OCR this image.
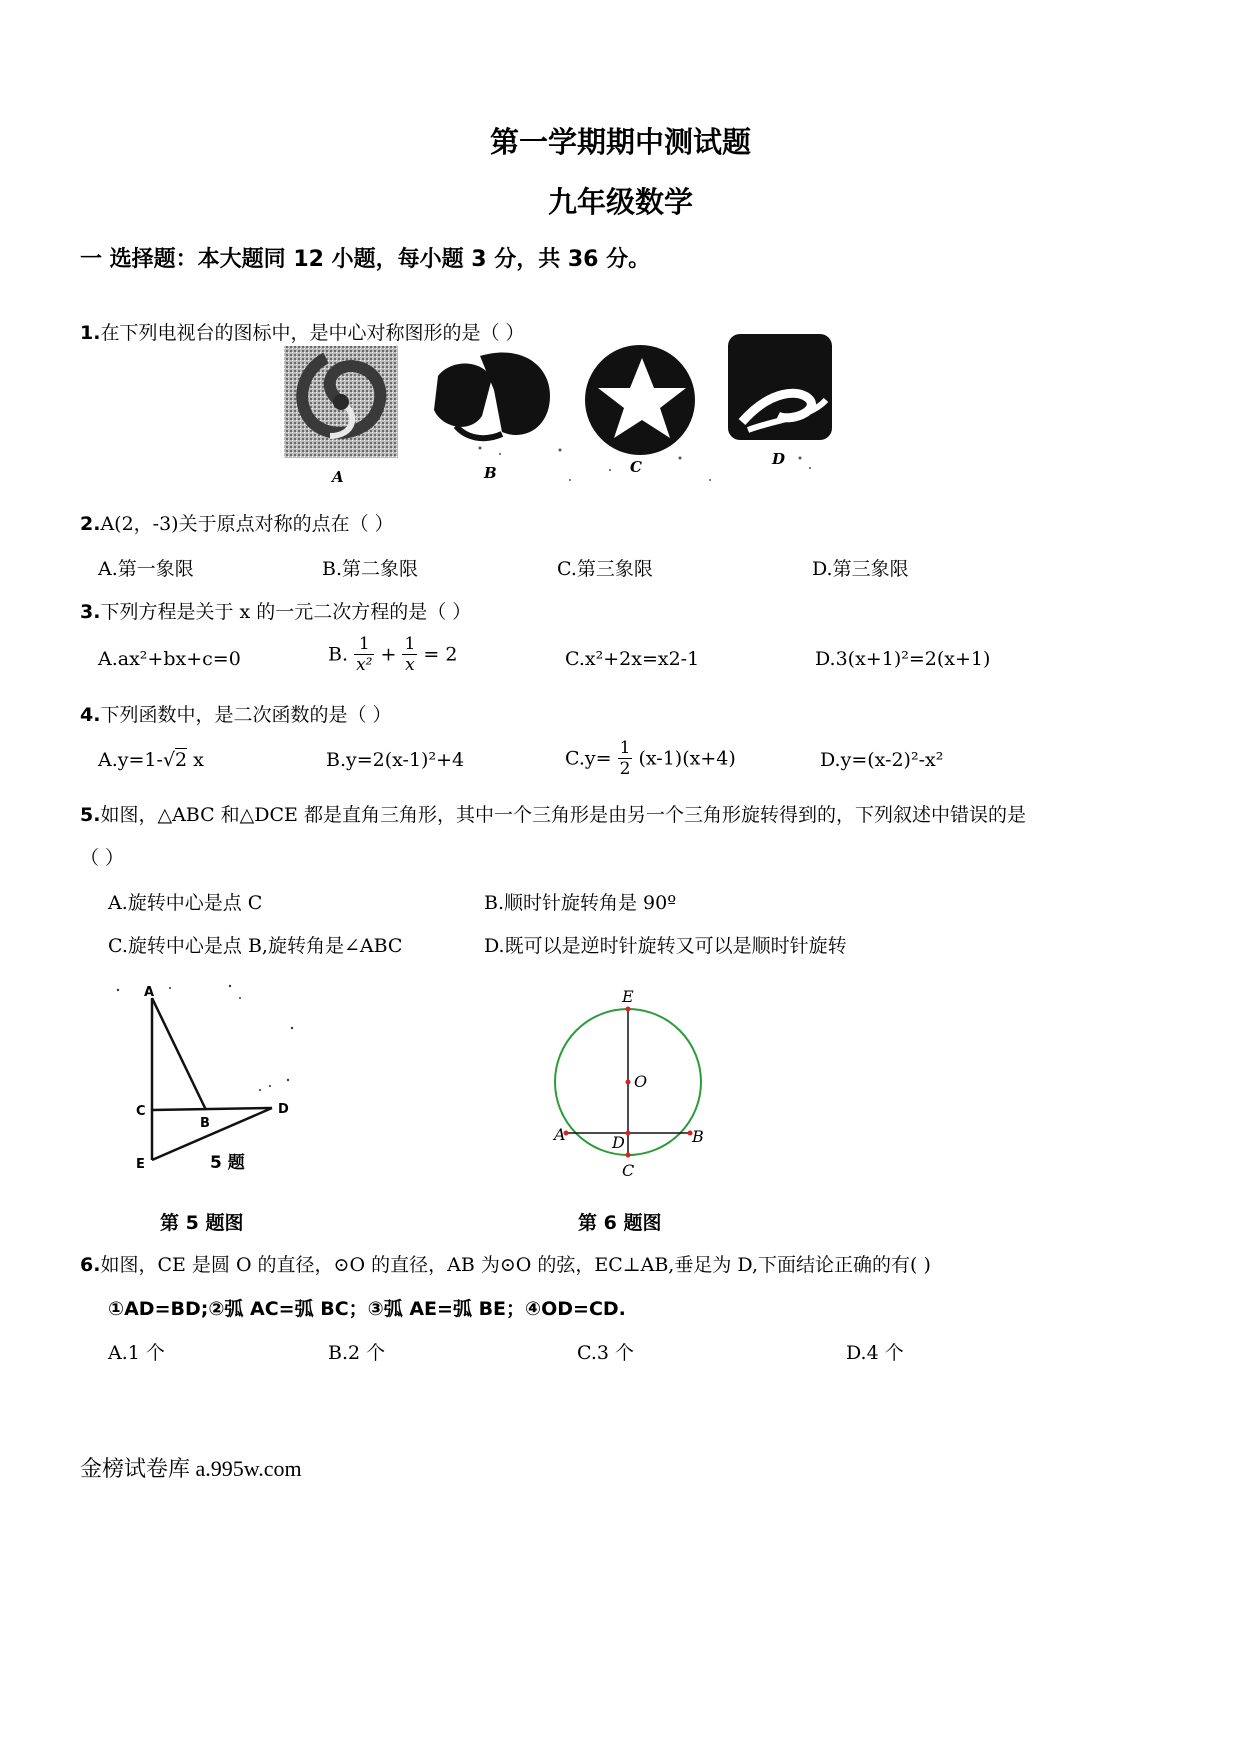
第一学期期中测试题
九年级数学
一 选择题：本大题同 12 小题，每小题 3 分，共 36 分。
1.在下列电视台的图标中，是中心对称图形的是（ ）
A	B	C	D
2.A(2，-3)关于原点对称的点在（ ）
A.第一象限	B.第二象限	C.第三象限	D.第三象限
3.下列方程是关于 x 的一元二次方程的是（ ）
A.ax²+bx+c=0	B. $\frac{1}{\text{x²}} + \frac{1}{x} = 2$	C.x²+2x=x2-1	D.3(x+1)²=2(x+1)
4.下列函数中，是二次函数的是（ ）
A.y=1-√2 x	B.y=2(x-1)²+4	$C.y= \frac{1}{2} (x-1)(x+4)$	D.y=(x-2)²-x²
5.如图，△ABC 和△DCE 都是直角三角形，其中一个三角形是由另一个三角形旋转得到的，下列叙述中错误的是
（ ）
A.旋转中心是点 C	B.顺时针旋转角是 90º
C.旋转中心是点 B,旋转角是∠ABC	D.既可以是逆时针旋转又可以是顺时针旋转
A
C
B
D
E	5 题
第 5 题图
E
O
A	D	B
C
第 6 题图
6.如图，CE 是圆 O 的直径，⊙O 的直径，AB 为⊙O 的弦，EC⊥AB,垂足为 D,下面结论正确的有( )
①AD=BD;②弧 AC=弧 BC；③弧 AE=弧 BE；④OD=CD.
A.1 个	B.2 个	C.3 个	D.4 个
金榜试卷库 a.995w.com
